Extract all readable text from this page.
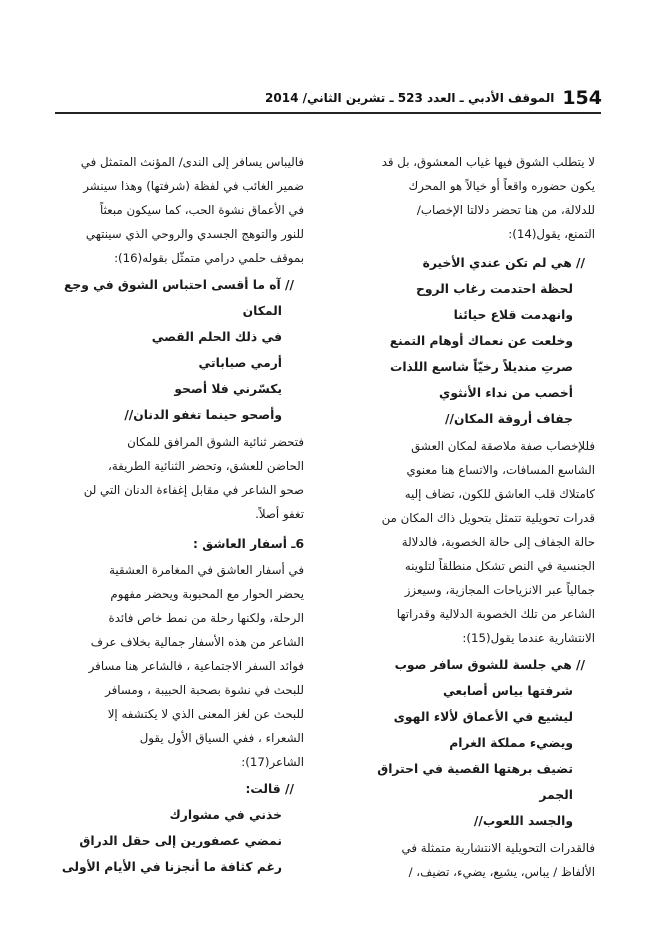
154
الموقف الأدبي ـ العدد 523 ـ تشرين الثاني/ 2014

لا يتطلب الشوق فيها غياب المعشوق، بل قد

يكون حضوره واقعاً أو خيالاً هو المحرك

للدلالة، من هنا تحضر دلالتا الإخصاب/

التمنع، يقول(14):

// هي لم تكن عندي الأخيرة

لحظة احتدمت رغاب الروح

وانهدمت قلاع حيائنا

وخلعت عن نعماك أوهام التمنع

صرتِ منديلاً رخيّاً شاسع اللذات

أخصب من نداء الأنثوي

جفاف أروقة المكان//

فللإخصاب صفة ملاصقة لمكان العشق

الشاسع المسافات، والاتساع هنا معنوي

كامتلاك قلب العاشق للكون، تضاف إليه

قدرات تحويلية تتمثل بتحويل ذاك المكان من

حالة الجفاف إلى حالة الخصوبة، فالدلالة

الجنسية في النص تشكل منطلقاً لتلوينه

جمالياً عبر الانزياحات المجازية، وسيعزز

الشاعر من تلك الخصوبة الدلالية وقدراتها

الانتشارية عندما يقول(15):

// هي جلسة للشوق سافر صوب

شرفتها بياس أصابعي

ليشيع في الأعماق لألاء الهوى

ويضيء مملكة الغرام

تضيف برهتها القصية في احتراق

الجمر

والجسد اللعوب//

فالقدرات التحويلية الانتشارية متمثلة في

الألفاظ / يباس، يشيع، يضيء، تضيف، /

فاليباس يسافر إلى الندى/ المؤنث المتمثل في

ضمير الغائب في لفظة (شرفتها) وهذا سينشر

في الأعماق نشوة الحب، كما سيكون مبعثاً

للنور والتوهج الجسدي والروحي الذي سينتهي

بموقف حلمي درامي متمثّل بقوله(16):

// آه ما أقسى احتباس الشوق في وجع

المكان

في ذلك الحلم القصي

أرمي صباباتي

يكسّرني فلا أصحو

وأصحو حينما تغفو الدنان//

فتحضر ثنائية الشوق المرافق للمكان

الحاضن للعشق، وتحضر الثنائية الطريفة،

صحو الشاعر في مقابل إغفاءة الدنان التي لن

تغفو أصلاً.

6ـ أسفار العاشق :

في أسفار العاشق في المغامرة العشقية

يحضر الحوار مع المحبوبة ويحضر مفهوم

الرحلة، ولكنها رحلة من نمط خاص فائدة

الشاعر من هذه الأسفار جمالية بخلاف عرف

فوائد السفر الاجتماعية ، فالشاعر هنا مسافر

للبحث في نشوة بصحبة الحبيبة ، ومسافر

للبحث عن لغز المعنى الذي لا يكتشفه إلا

الشعراء ، ففي السياق الأول يقول

الشاعر(17):

// قالت:

خذني في مشوارك

نمضي عصفورين إلى حقل الدراق

رغم كثافة ما أنجزنا في الأيام الأولى
